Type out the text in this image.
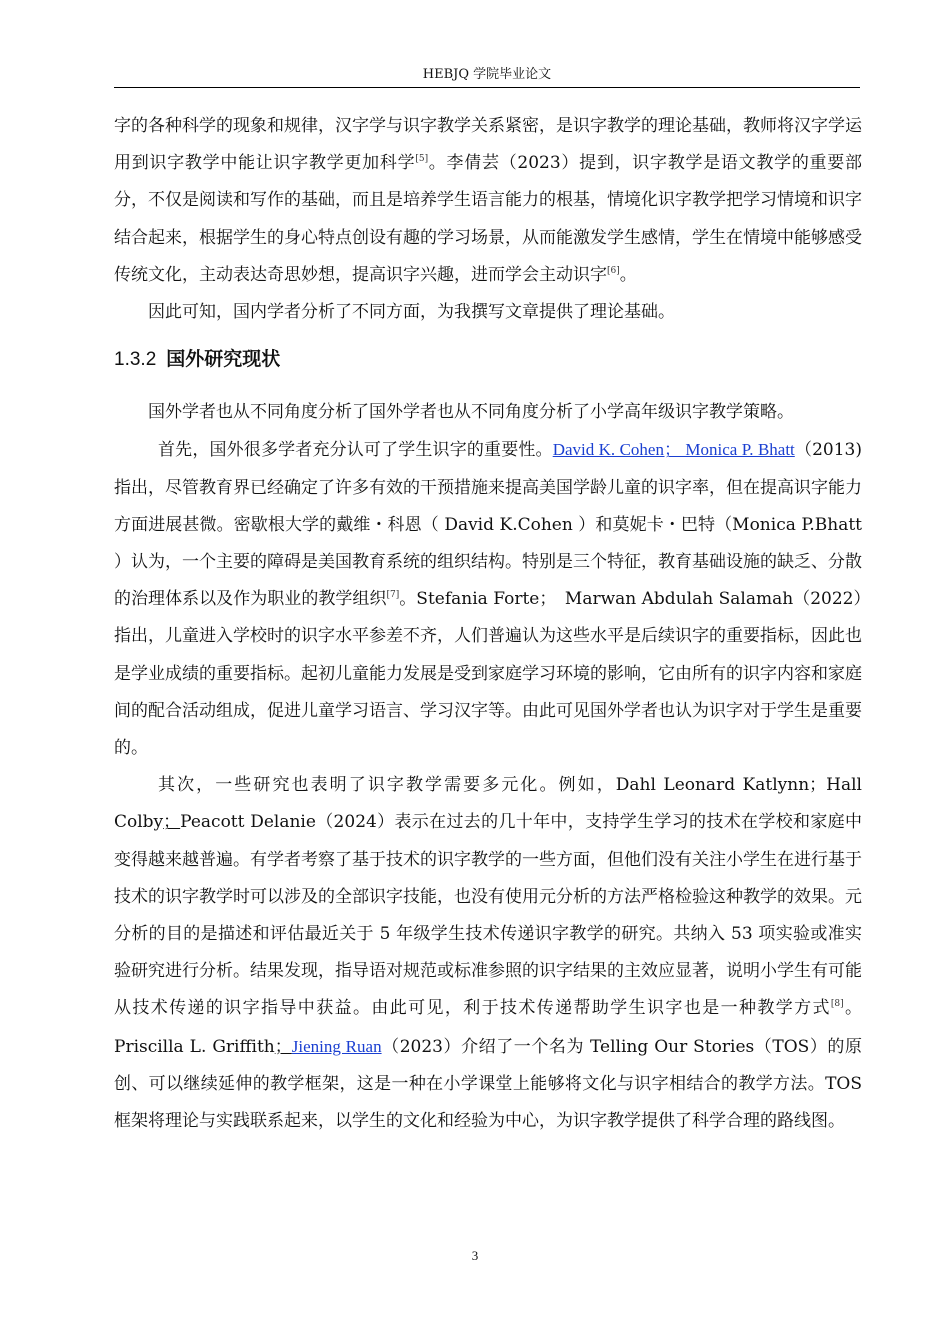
HEBJQ 学院毕业论文

字的各种科学的现象和规律，汉字学与识字教学关系紧密，是识字教学的理论基础，教师将汉字学运用到识字教学中能让识字教学更加科学[5]。李倩芸（2023）提到，识字教学是语文教学的重要部分，不仅是阅读和写作的基础，而且是培养学生语言能力的根基，情境化识字教学把学习情境和识字结合起来，根据学生的身心特点创设有趣的学习场景，从而能激发学生感情，学生在情境中能够感受传统文化，主动表达奇思妙想，提高识字兴趣，进而学会主动识字[6]。

因此可知，国内学者分析了不同方面，为我撰写文章提供了理论基础。

1.3.2 国外研究现状

国外学者也从不同角度分析了国外学者也从不同角度分析了小学高年级识字教学策略。

首先，国外很多学者充分认可了学生识字的重要性。David K. Cohen； Monica P. Bhatt（2013)指出，尽管教育界已经确定了许多有效的干预措施来提高美国学龄儿童的识字率，但在提高识字能力方面进展甚微。密歇根大学的戴维・科恩（ David K.Cohen ）和莫妮卡・巴特（Monica P.Bhatt ）认为，一个主要的障碍是美国教育系统的组织结构。特别是三个特征，教育基础设施的缺乏、分散的治理体系以及作为职业的教学组织[7]。Stefania Forte；　Marwan Abdulah Salamah（2022）指出，儿童进入学校时的识字水平参差不齐，人们普遍认为这些水平是后续识字的重要指标，因此也是学业成绩的重要指标。起初儿童能力发展是受到家庭学习环境的影响，它由所有的识字内容和家庭间的配合活动组成，促进儿童学习语言、学习汉字等。由此可见国外学者也认为识字对于学生是重要的。

其次，一些研究也表明了识字教学需要多元化。例如，Dahl Leonard Katlynn；Hall Colby；Peacott Delanie（2024）表示在过去的几十年中，支持学生学习的技术在学校和家庭中变得越来越普遍。有学者考察了基于技术的识字教学的一些方面，但他们没有关注小学生在进行基于技术的识字教学时可以涉及的全部识字技能，也没有使用元分析的方法严格检验这种教学的效果。元分析的目的是描述和评估最近关于 5 年级学生技术传递识字教学的研究。共纳入 53 项实验或准实验研究进行分析。结果发现，指导语对规范或标准参照的识字结果的主效应显著，说明小学生有可能从技术传递的识字指导中获益。由此可见，利于技术传递帮助学生识字也是一种教学方式[8]。Priscilla L. Griffith；Jiening Ruan（2023）介绍了一个名为 Telling Our Stories（TOS）的原创、可以继续延伸的教学框架，这是一种在小学课堂上能够将文化与识字相结合的教学方法。TOS 框架将理论与实践联系起来，以学生的文化和经验为中心，为识字教学提供了科学合理的路线图。

3
